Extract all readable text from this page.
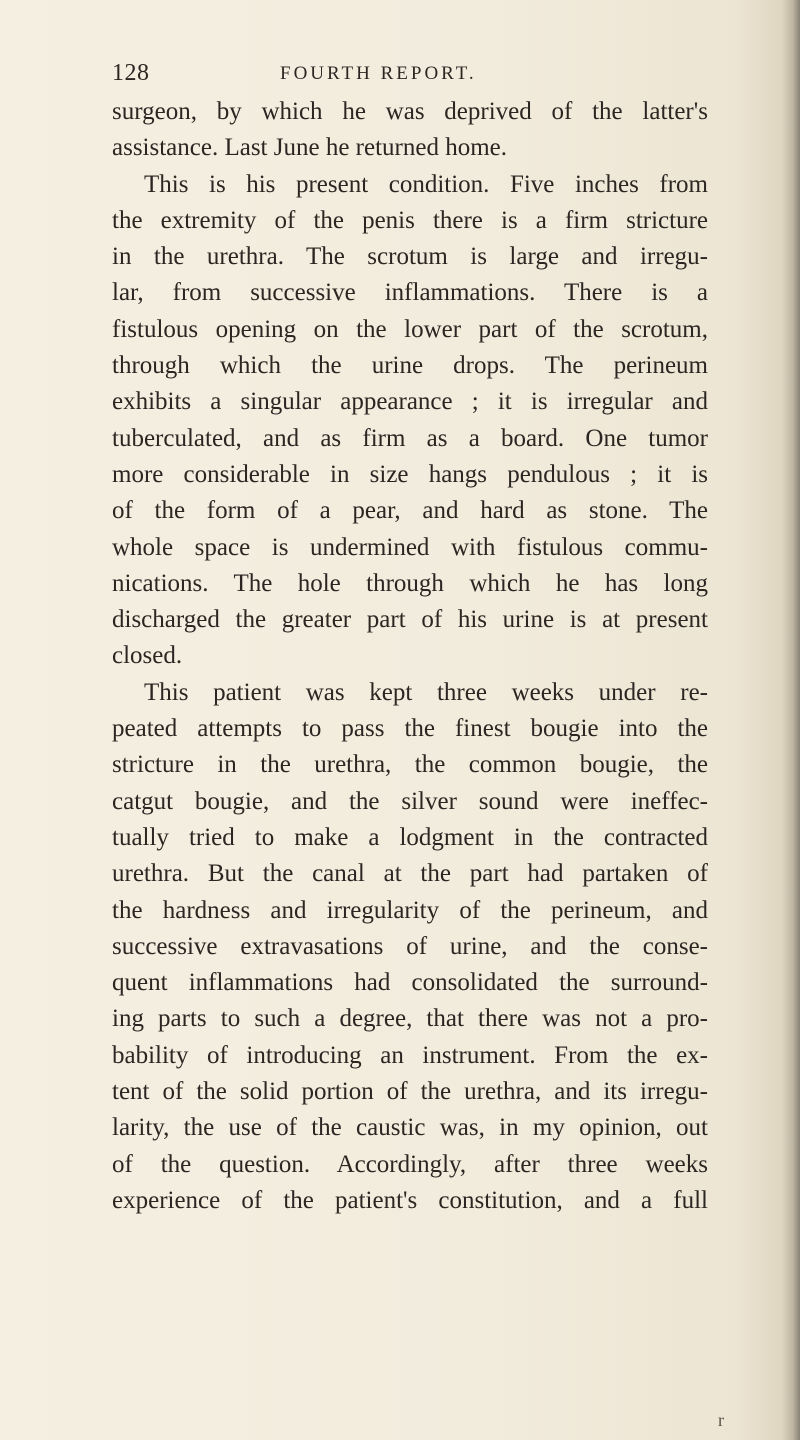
128	FOURTH REPORT.
surgeon, by which he was deprived of the latter's
assistance. Last June he returned home.
This is his present condition. Five inches from
the extremity of the penis there is a firm stricture
in the urethra. The scrotum is large and irregu-
lar, from successive inflammations. There is a
fistulous opening on the lower part of the scrotum,
through which the urine drops. The perineum
exhibits a singular appearance ; it is irregular and
tuberculated, and as firm as a board. One tumor
more considerable in size hangs pendulous ; it is
of the form of a pear, and hard as stone. The
whole space is undermined with fistulous commu-
nications. The hole through which he has long
discharged the greater part of his urine is at present
closed.
This patient was kept three weeks under re-
peated attempts to pass the finest bougie into the
stricture in the urethra, the common bougie, the
catgut bougie, and the silver sound were ineffec-
tually tried to make a lodgment in the contracted
urethra. But the canal at the part had partaken of
the hardness and irregularity of the perineum, and
successive extravasations of urine, and the conse-
quent inflammations had consolidated the surround-
ing parts to such a degree, that there was not a pro-
bability of introducing an instrument. From the ex-
tent of the solid portion of the urethra, and its irregu-
larity, the use of the caustic was, in my opinion, out
of the question. Accordingly, after three weeks
experience of the patient's constitution, and a full
r
